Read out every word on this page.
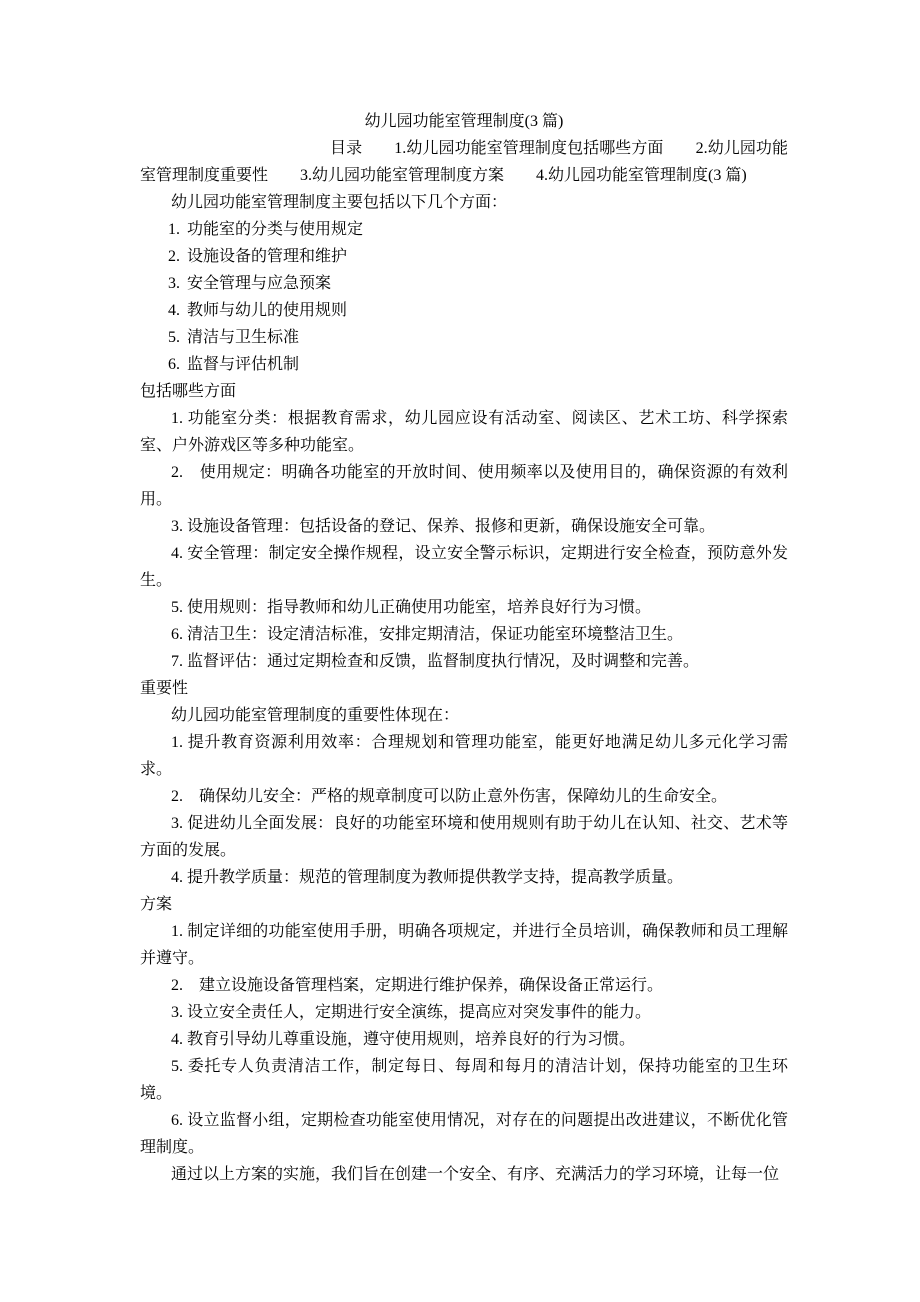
幼儿园功能室管理制度(3 篇)

目录　　1.幼儿园功能室管理制度包括哪些方面　　2.幼儿园功能室管理制度重要性　　3.幼儿园功能室管理制度方案　　4.幼儿园功能室管理制度(3 篇)

幼儿园功能室管理制度主要包括以下几个方面：

1. 功能室的分类与使用规定
2. 设施设备的管理和维护
3. 安全管理与应急预案
4. 教师与幼儿的使用规则
5. 清洁与卫生标准
6. 监督与评估机制

包括哪些方面

1. 功能室分类：根据教育需求，幼儿园应设有活动室、阅读区、艺术工坊、科学探索室、户外游戏区等多种功能室。

2.　使用规定：明确各功能室的开放时间、使用频率以及使用目的，确保资源的有效利用。

3. 设施设备管理：包括设备的登记、保养、报修和更新，确保设施安全可靠。

4. 安全管理：制定安全操作规程，设立安全警示标识，定期进行安全检查，预防意外发生。

5. 使用规则：指导教师和幼儿正确使用功能室，培养良好行为习惯。

6. 清洁卫生：设定清洁标准，安排定期清洁，保证功能室环境整洁卫生。

7. 监督评估：通过定期检查和反馈，监督制度执行情况，及时调整和完善。

重要性

幼儿园功能室管理制度的重要性体现在：

1. 提升教育资源利用效率：合理规划和管理功能室，能更好地满足幼儿多元化学习需求。

2.　确保幼儿安全：严格的规章制度可以防止意外伤害，保障幼儿的生命安全。

3. 促进幼儿全面发展：良好的功能室环境和使用规则有助于幼儿在认知、社交、艺术等方面的发展。

4. 提升教学质量：规范的管理制度为教师提供教学支持，提高教学质量。

方案

1. 制定详细的功能室使用手册，明确各项规定，并进行全员培训，确保教师和员工理解并遵守。

2.　建立设施设备管理档案，定期进行维护保养，确保设备正常运行。

3. 设立安全责任人，定期进行安全演练，提高应对突发事件的能力。

4. 教育引导幼儿尊重设施，遵守使用规则，培养良好的行为习惯。

5. 委托专人负责清洁工作，制定每日、每周和每月的清洁计划，保持功能室的卫生环境。

6. 设立监督小组，定期检查功能室使用情况，对存在的问题提出改进建议，不断优化管理制度。

通过以上方案的实施，我们旨在创建一个安全、有序、充满活力的学习环境，让每一位
